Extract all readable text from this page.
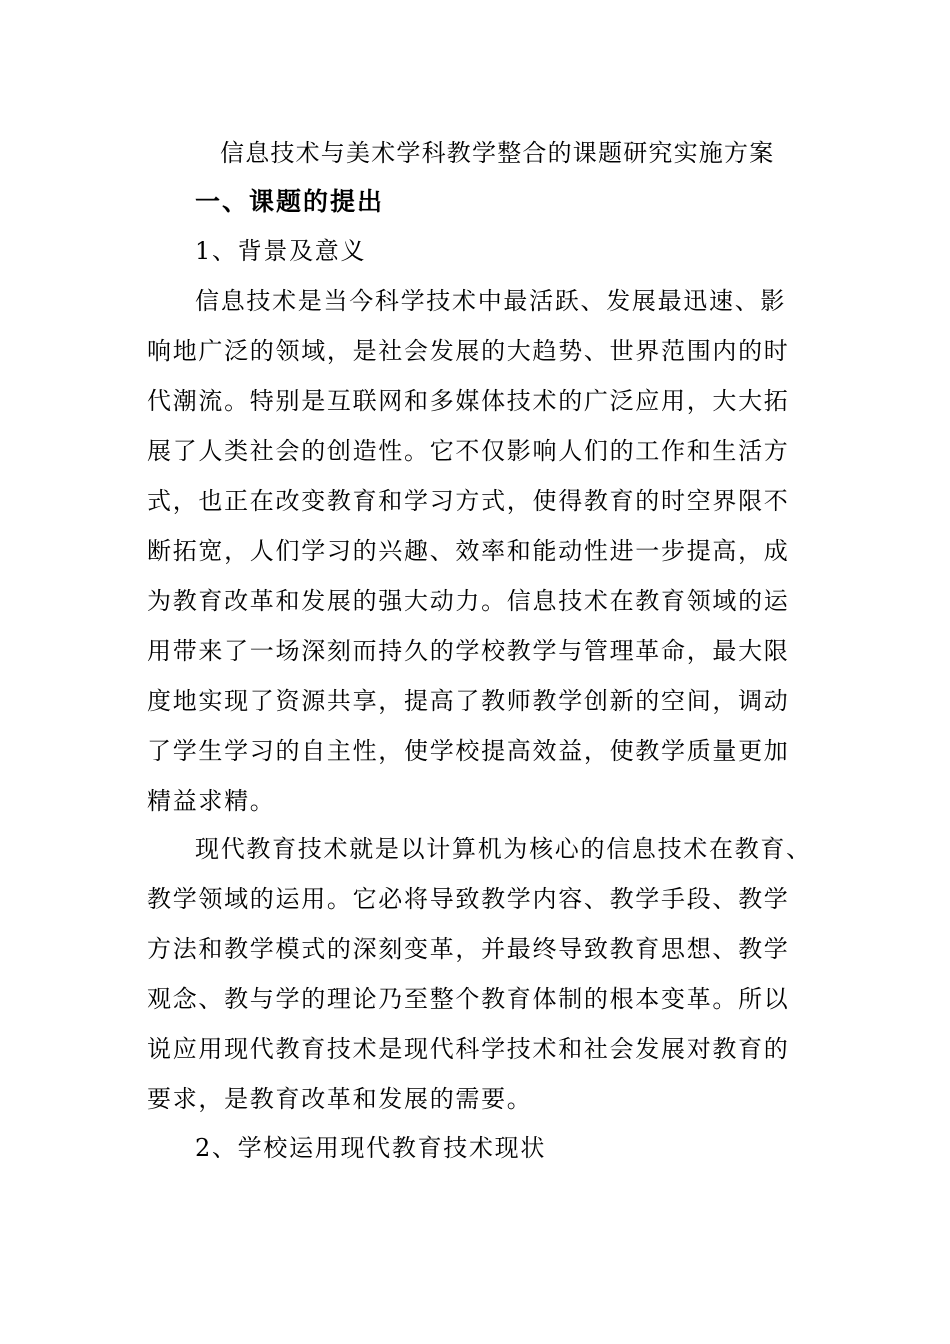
信息技术与美术学科教学整合的课题研究实施方案
一、课题的提出
1、背景及意义
信息技术是当今科学技术中最活跃、发展最迅速、影
响地广泛的领域，是社会发展的大趋势、世界范围内的时
代潮流。特别是互联网和多媒体技术的广泛应用，大大拓
展了人类社会的创造性。它不仅影响人们的工作和生活方
式，也正在改变教育和学习方式，使得教育的时空界限不
断拓宽，人们学习的兴趣、效率和能动性进一步提高，成
为教育改革和发展的强大动力。信息技术在教育领域的运
用带来了一场深刻而持久的学校教学与管理革命，最大限
度地实现了资源共享，提高了教师教学创新的空间，调动
了学生学习的自主性，使学校提高效益，使教学质量更加
精益求精。
现代教育技术就是以计算机为核心的信息技术在教育、
教学领域的运用。它必将导致教学内容、教学手段、教学
方法和教学模式的深刻变革，并最终导致教育思想、教学
观念、教与学的理论乃至整个教育体制的根本变革。所以
说应用现代教育技术是现代科学技术和社会发展对教育的
要求，是教育改革和发展的需要。
2、学校运用现代教育技术现状
